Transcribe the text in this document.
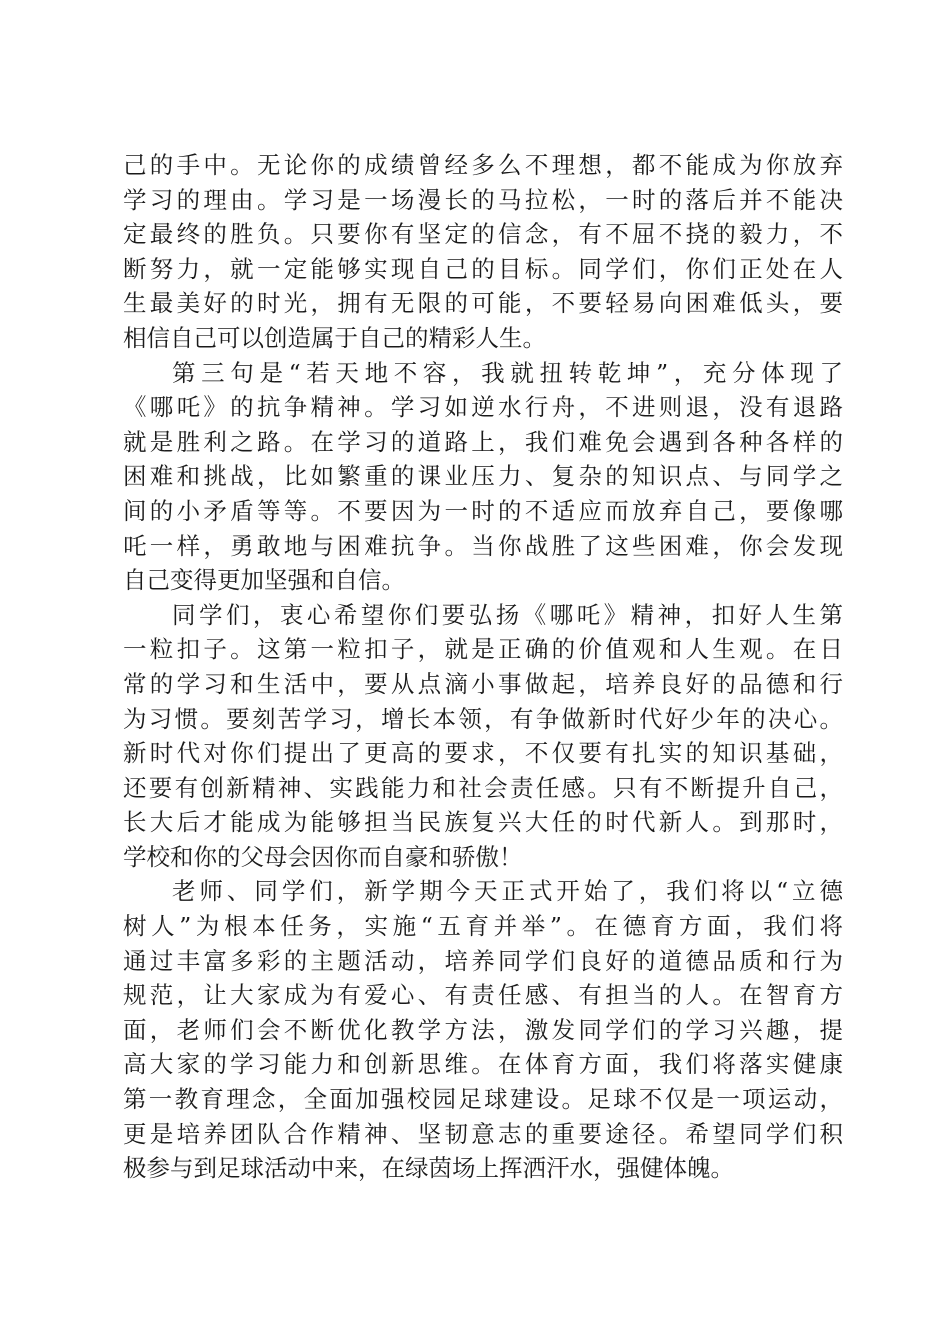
己的手中。无论你的成绩曾经多么不理想，都不能成为你放弃
学习的理由。学习是一场漫长的马拉松，一时的落后并不能决
定最终的胜负。只要你有坚定的信念，有不屈不挠的毅力，不
断努力，就一定能够实现自己的目标。同学们，你们正处在人
生最美好的时光，拥有无限的可能，不要轻易向困难低头，要
相信自己可以创造属于自己的精彩人生。
第三句是“若天地不容，我就扭转乾坤”，充分体现了
《哪吒》的抗争精神。学习如逆水行舟，不进则退，没有退路
就是胜利之路。在学习的道路上，我们难免会遇到各种各样的
困难和挑战，比如繁重的课业压力、复杂的知识点、与同学之
间的小矛盾等等。不要因为一时的不适应而放弃自己，要像哪
吒一样，勇敢地与困难抗争。当你战胜了这些困难，你会发现
自己变得更加坚强和自信。
同学们，衷心希望你们要弘扬《哪吒》精神，扣好人生第
一粒扣子。这第一粒扣子，就是正确的价值观和人生观。在日
常的学习和生活中，要从点滴小事做起，培养良好的品德和行
为习惯。要刻苦学习，增长本领，有争做新时代好少年的决心。
新时代对你们提出了更高的要求，不仅要有扎实的知识基础，
还要有创新精神、实践能力和社会责任感。只有不断提升自己，
长大后才能成为能够担当民族复兴大任的时代新人。到那时，
学校和你的父母会因你而自豪和骄傲！
老师、同学们，新学期今天正式开始了，我们将以“立德
树人”为根本任务，实施“五育并举”。在德育方面，我们将
通过丰富多彩的主题活动，培养同学们良好的道德品质和行为
规范，让大家成为有爱心、有责任感、有担当的人。在智育方
面，老师们会不断优化教学方法，激发同学们的学习兴趣，提
高大家的学习能力和创新思维。在体育方面，我们将落实健康
第一教育理念，全面加强校园足球建设。足球不仅是一项运动，
更是培养团队合作精神、坚韧意志的重要途径。希望同学们积
极参与到足球活动中来，在绿茵场上挥洒汗水，强健体魄。
